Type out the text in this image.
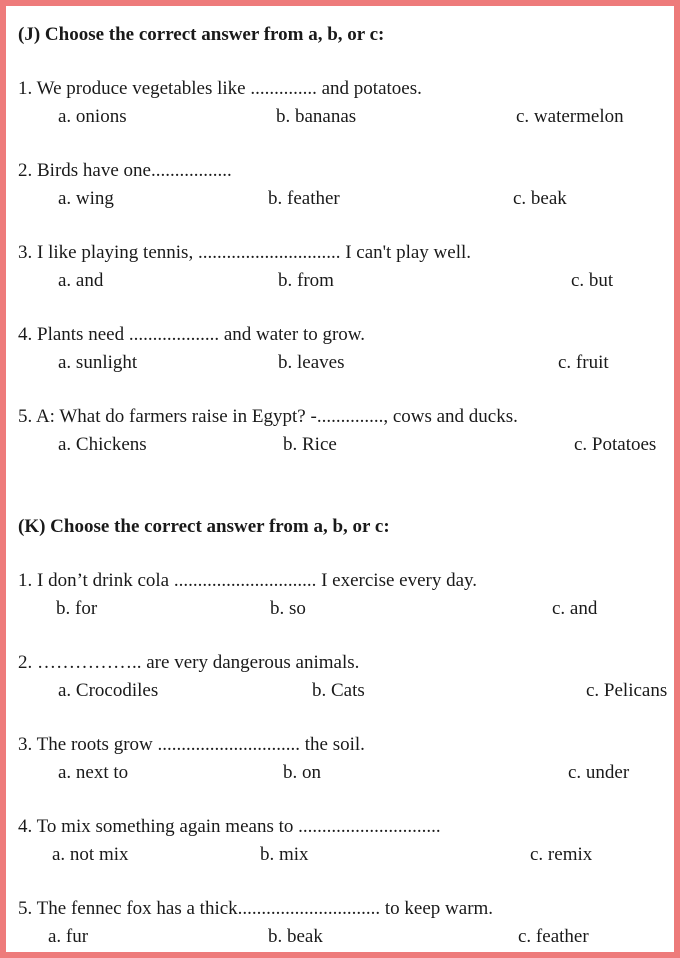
(J) Choose the correct answer from a, b, or c:
1. We produce vegetables like .............. and potatoes.
a. onions	b. bananas	c. watermelon
2. Birds have one.................
a. wing	b. feather	c. beak
3. I like playing tennis, .............................. I can't play well.
a. and	b. from	c. but
4. Plants need ................... and water to grow.
a. sunlight	b. leaves	c. fruit
5. A: What do farmers raise in Egypt? -.............., cows and ducks.
a. Chickens	b. Rice	c. Potatoes
(K) Choose the correct answer from a, b, or c:
1. I don’t drink cola .............................. I exercise every day.
b. for	b. so	c. and
2. …………….. are very dangerous animals.
a. Crocodiles	b. Cats	c. Pelicans
3. The roots grow .............................. the soil.
a. next to	b. on	c. under
4. To mix something again means to ..............................
a. not mix	b. mix	c. remix
5. The fennec fox has a thick.............................. to keep warm.
a. fur	b. beak	c. feather
